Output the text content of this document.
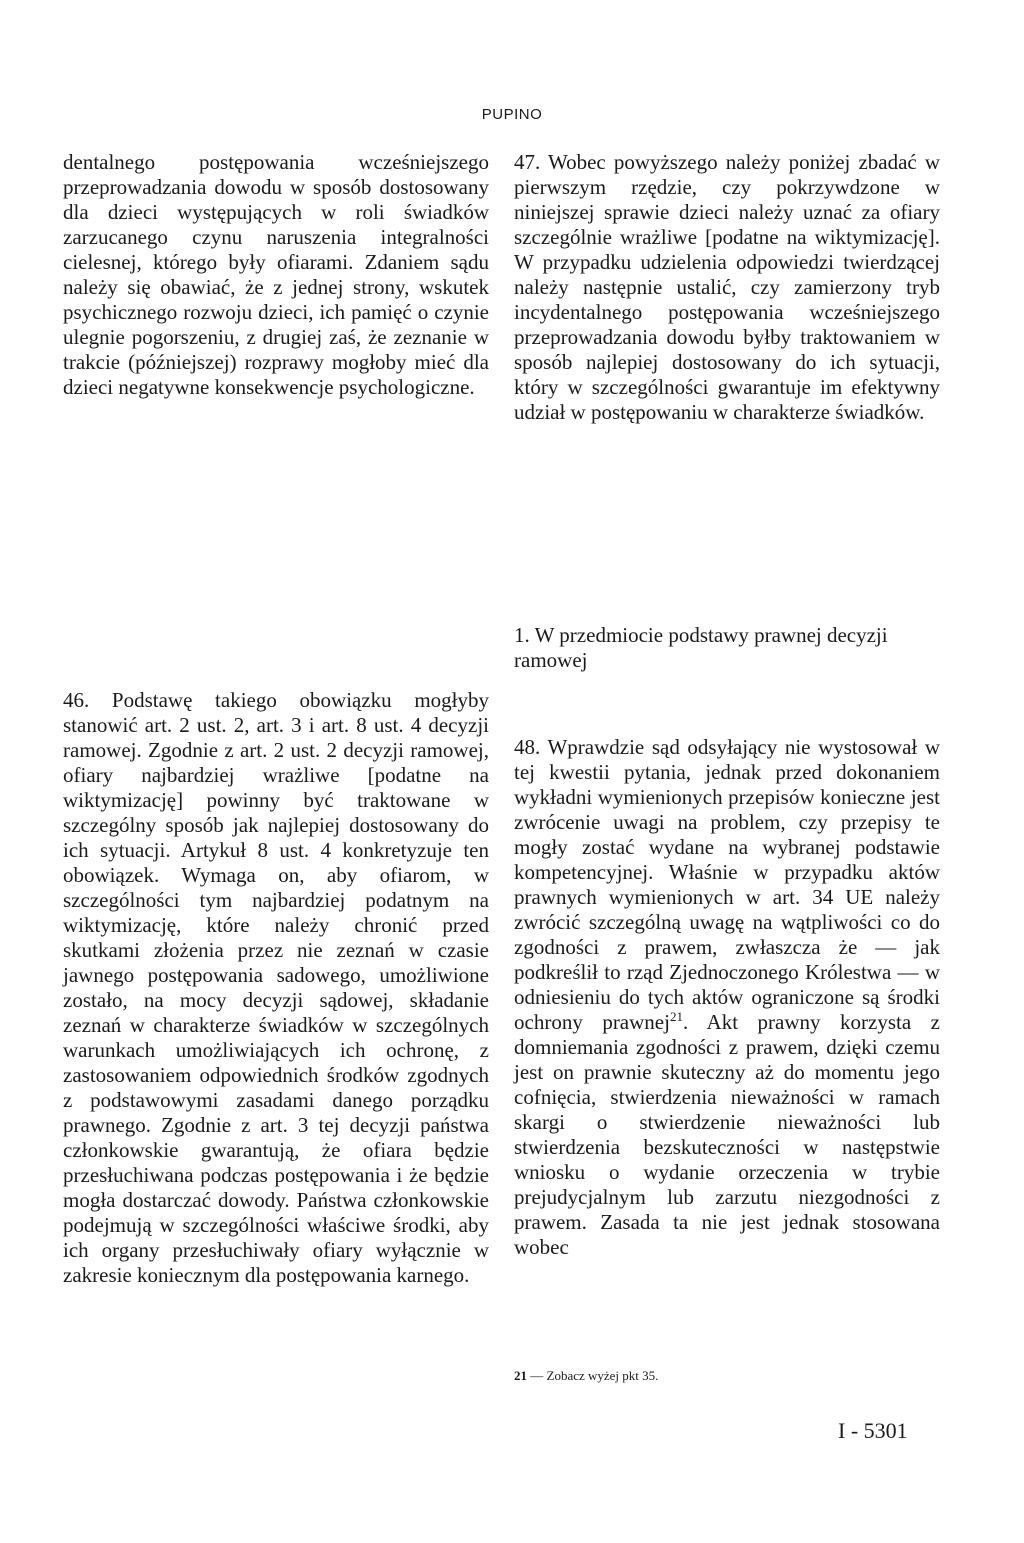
PUPINO

dentalnego postępowania wcześniejszego przeprowadzania dowodu w sposób dostosowany dla dzieci występujących w roli świadków zarzucanego czynu naruszenia integralności cielesnej, którego były ofiarami. Zdaniem sądu należy się obawiać, że z jednej strony, wskutek psychicznego rozwoju dzieci, ich pamięć o czynie ulegnie pogorszeniu, z drugiej zaś, że zeznanie w trakcie (późniejszej) rozprawy mogłoby mieć dla dzieci negatywne konsekwencje psychologiczne.

46. Podstawę takiego obowiązku mogłyby stanowić art. 2 ust. 2, art. 3 i art. 8 ust. 4 decyzji ramowej. Zgodnie z art. 2 ust. 2 decyzji ramowej, ofiary najbardziej wrażliwe [podatne na wiktymizację] powinny być traktowane w szczególny sposób jak najlepiej dostosowany do ich sytuacji. Artykuł 8 ust. 4 konkretyzuje ten obowiązek. Wymaga on, aby ofiarom, w szczególności tym najbardziej podatnym na wiktymizację, które należy chronić przed skutkami złożenia przez nie zeznań w czasie jawnego postępowania sadowego, umożliwione zostało, na mocy decyzji sądowej, składanie zeznań w charakterze świadków w szczególnych warunkach umożliwiających ich ochronę, z zastosowaniem odpowiednich środków zgodnych z podstawowymi zasadami danego porządku prawnego. Zgodnie z art. 3 tej decyzji państwa członkowskie gwarantują, że ofiara będzie przesłuchiwana podczas postępowania i że będzie mogła dostarczać dowody. Państwa członkowskie podejmują w szczególności właściwe środki, aby ich organy przesłuchiwały ofiary wyłącznie w zakresie koniecznym dla postępowania karnego.

47. Wobec powyższego należy poniżej zbadać w pierwszym rzędzie, czy pokrzywdzone w niniejszej sprawie dzieci należy uznać za ofiary szczególnie wrażliwe [podatne na wiktymizację]. W przypadku udzielenia odpowiedzi twierdzącej należy następnie ustalić, czy zamierzony tryb incydentalnego postępowania wcześniejszego przeprowadzania dowodu byłby traktowaniem w sposób najlepiej dostosowany do ich sytuacji, który w szczególności gwarantuje im efektywny udział w postępowaniu w charakterze świadków.

1. W przedmiocie podstawy prawnej decyzji ramowej

48. Wprawdzie sąd odsyłający nie wystosował w tej kwestii pytania, jednak przed dokonaniem wykładni wymienionych przepisów konieczne jest zwrócenie uwagi na problem, czy przepisy te mogły zostać wydane na wybranej podstawie kompetencyjnej. Właśnie w przypadku aktów prawnych wymienionych w art. 34 UE należy zwrócić szczególną uwagę na wątpliwości co do zgodności z prawem, zwłaszcza że — jak podkreślił to rząd Zjednoczonego Królestwa — w odniesieniu do tych aktów ograniczone są środki ochrony prawnej$^{21}$. Akt prawny korzysta z domniemania zgodności z prawem, dzięki czemu jest on prawnie skuteczny aż do momentu jego cofnięcia, stwierdzenia nieważności w ramach skargi o stwierdzenie nieważności lub stwierdzenia bezskuteczności w następstwie wniosku o wydanie orzeczenia w trybie prejudycjalnym lub zarzutu niezgodności z prawem. Zasada ta nie jest jednak stosowana wobec

21 — Zobacz wyżej pkt 35.
I - 5301
